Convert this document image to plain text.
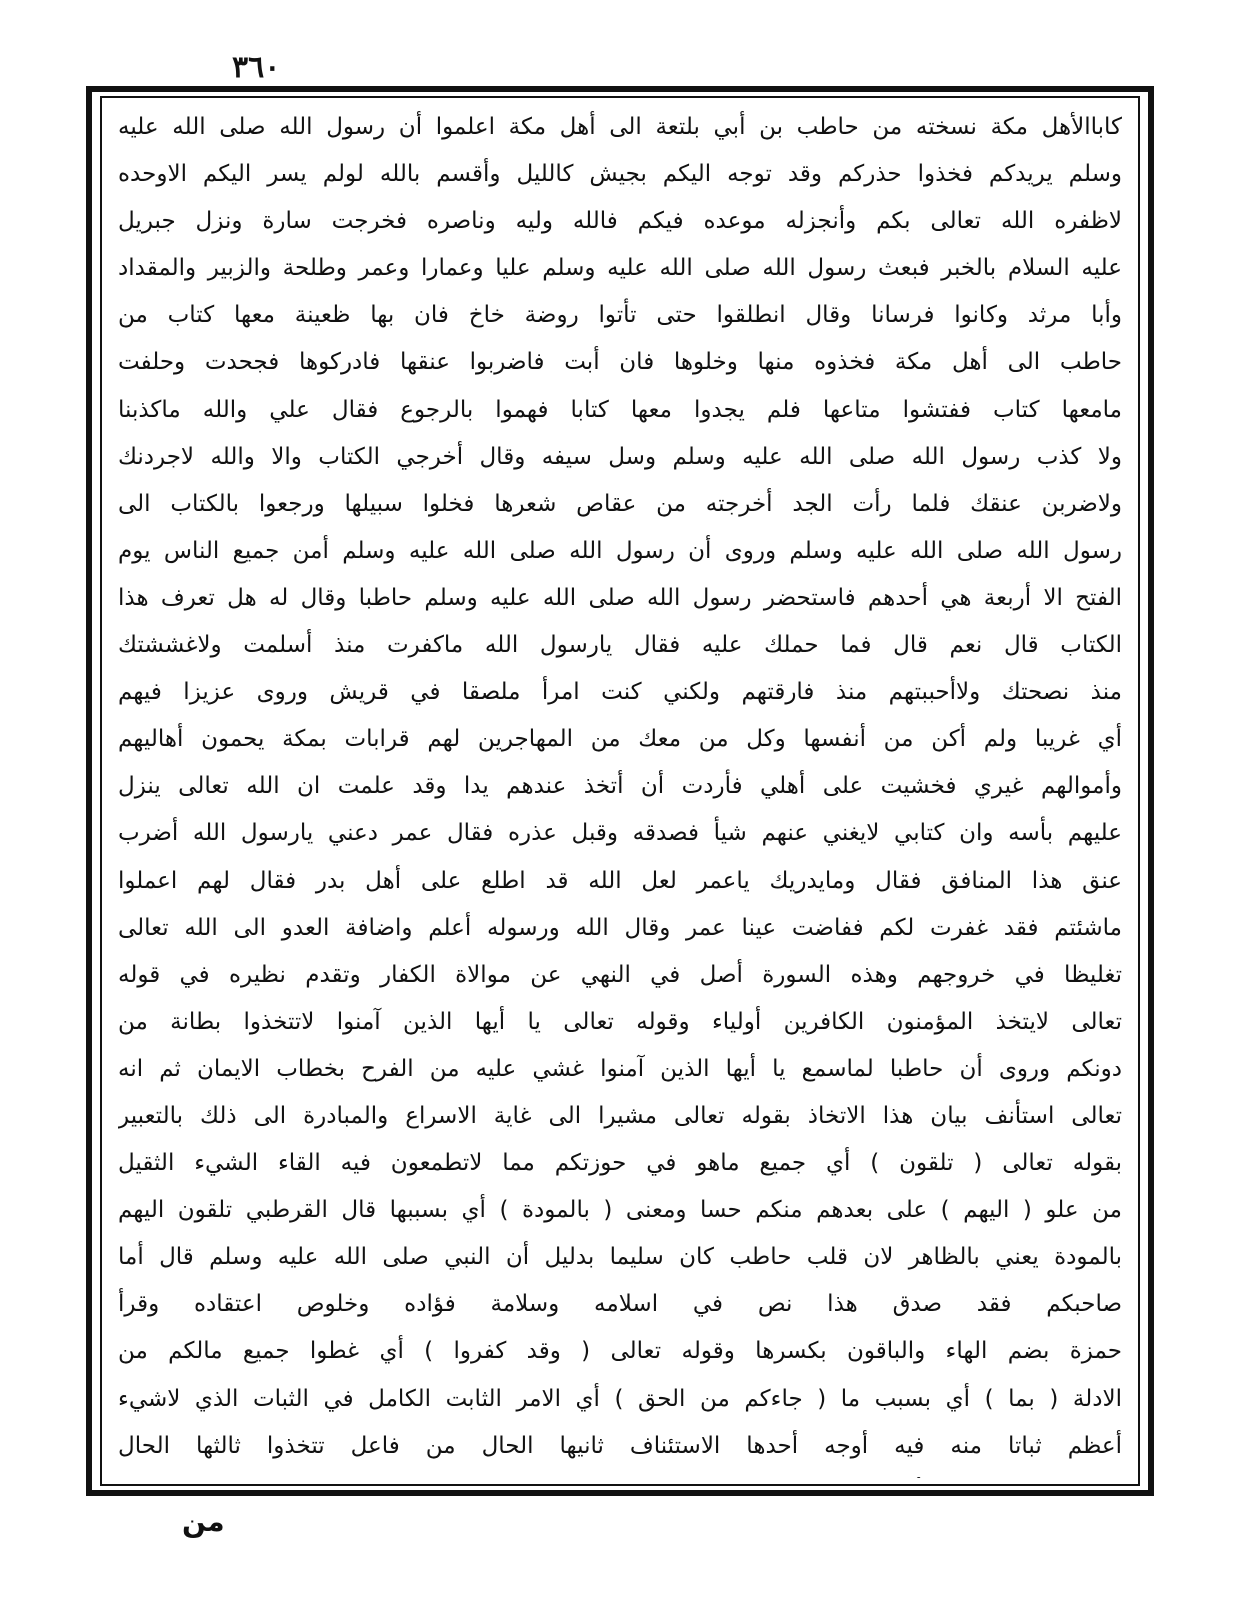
٣٦٠
كاباالأهل مكة نسخته من حاطب بن أبي بلتعة الى أهل مكة اعلموا أن رسول الله صلى الله عليه
وسلم يريدكم فخذوا حذركم وقد توجه اليكم بجيش كالليل وأقسم بالله لولم يسر اليكم الاوحده
لاظفره الله تعالى بكم وأنجزله موعده فيكم فالله وليه وناصره فخرجت سارة ونزل جبريل
عليه السلام بالخبر فبعث رسول الله صلى الله عليه وسلم عليا وعمارا وعمر وطلحة والزبير والمقداد
وأبا مرثد وكانوا فرسانا وقال انطلقوا حتى تأتوا روضة خاخ فان بها ظعينة معها كتاب من
حاطب الى أهل مكة فخذوه منها وخلوها فان أبت فاضربوا عنقها فادركوها فجحدت وحلفت
مامعها كتاب ففتشوا متاعها فلم يجدوا معها كتابا فهموا بالرجوع فقال علي والله ماكذبنا
ولا كذب رسول الله صلى الله عليه وسلم وسل سيفه وقال أخرجي الكتاب والا والله لاجردنك
ولاضربن عنقك فلما رأت الجد أخرجته من عقاص شعرها فخلوا سبيلها ورجعوا بالكتاب الى
رسول الله صلى الله عليه وسلم وروى أن رسول الله صلى الله عليه وسلم أمن جميع الناس يوم
الفتح الا أربعة هي أحدهم فاستحضر رسول الله صلى الله عليه وسلم حاطبا وقال له هل تعرف هذا
الكتاب قال نعم قال فما حملك عليه فقال يارسول الله ماكفرت منذ أسلمت ولاغششتك
منذ نصحتك ولاأحببتهم منذ فارقتهم ولكني كنت امرأ ملصقا في قريش وروى عزيزا فيهم
أي غريبا ولم أكن من أنفسها وكل من معك من المهاجرين لهم قرابات بمكة يحمون أهاليهم
وأموالهم غيري فخشيت على أهلي فأردت أن أتخذ عندهم يدا وقد علمت ان الله تعالى ينزل
عليهم بأسه وان كتابي لايغني عنهم شيأ فصدقه وقبل عذره فقال عمر دعني يارسول الله أضرب
عنق هذا المنافق فقال ومايدريك ياعمر لعل الله قد اطلع على أهل بدر فقال لهم اعملوا
ماشئتم فقد غفرت لكم ففاضت عينا عمر وقال الله ورسوله أعلم واضافة العدو الى الله تعالى
تغليظا في خروجهم وهذه السورة أصل في النهي عن موالاة الكفار وتقدم نظيره في قوله
تعالى لايتخذ المؤمنون الكافرين أولياء وقوله تعالى يا أيها الذين آمنوا لاتتخذوا بطانة من
دونكم وروى أن حاطبا لماسمع يا أيها الذين آمنوا غشي عليه من الفرح بخطاب الايمان ثم انه
تعالى استأنف بيان هذا الاتخاذ بقوله تعالى مشيرا الى غاية الاسراع والمبادرة الى ذلك بالتعبير
بقوله تعالى ( تلقون ) أي جميع ماهو في حوزتكم مما لاتطمعون فيه القاء الشيء الثقيل
من علو ( اليهم ) على بعدهم منكم حسا ومعنى ( بالمودة ) أي بسببها قال القرطبي تلقون اليهم
بالمودة يعني بالظاهر لان قلب حاطب كان سليما بدليل أن النبي صلى الله عليه وسلم قال أما
صاحبكم فقد صدق هذا نص في اسلامه وسلامة فؤاده وخلوص اعتقاده وقرأ
حمزة بضم الهاء والباقون بكسرها وقوله تعالى ( وقد كفروا ) أي غطوا جميع مالكم من
الادلة ( بما ) أي بسبب ما ( جاءكم من الحق ) أي الامر الثابت الكامل في الثبات الذي لاشيء
أعظم ثباتا منه فيه أوجه أحدها الاستئناف ثانيها الحال من فاعل تتخذوا ثالثها الحال
من
